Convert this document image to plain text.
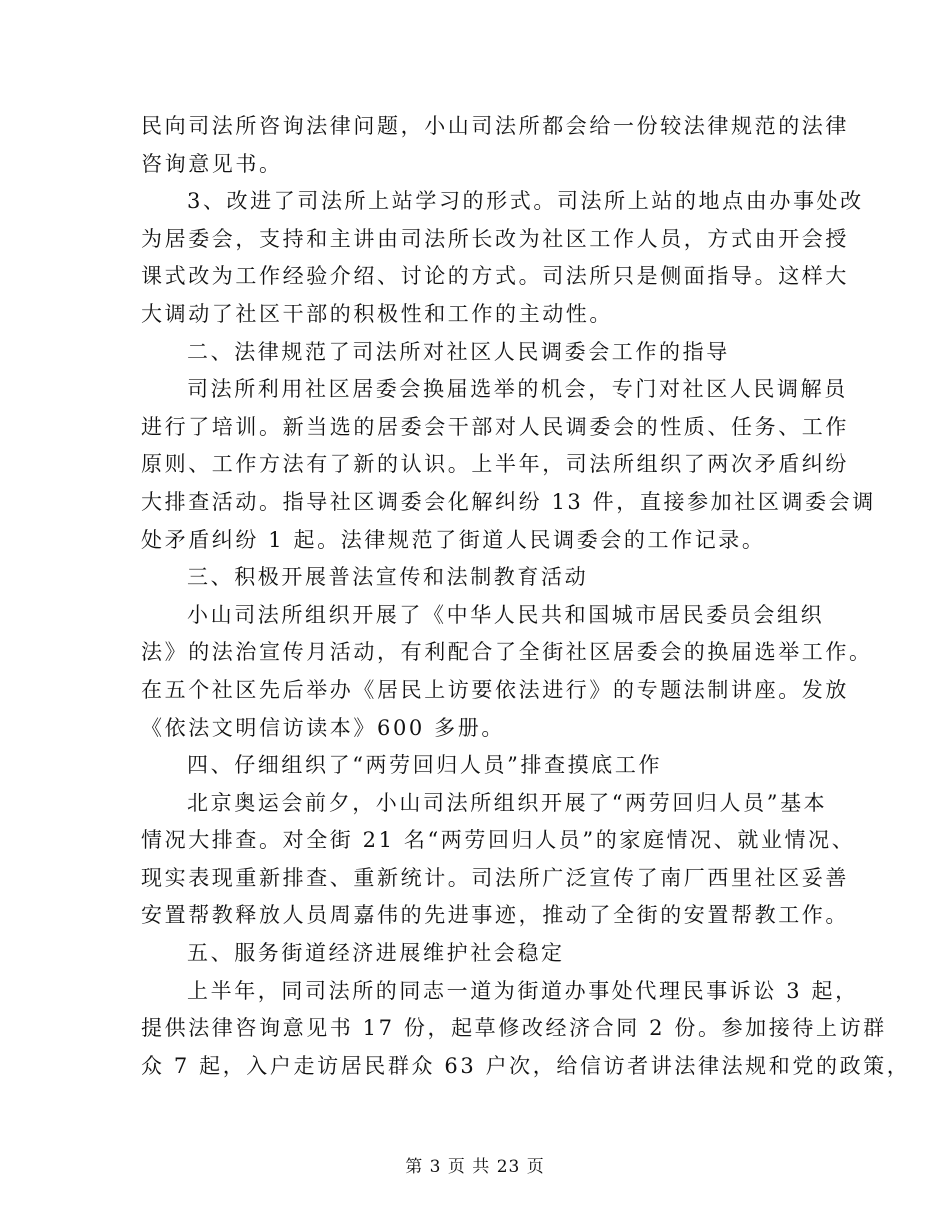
民向司法所咨询法律问题，小山司法所都会给一份较法律规范的法律
咨询意见书。
3、改进了司法所上站学习的形式。司法所上站的地点由办事处改
为居委会，支持和主讲由司法所长改为社区工作人员，方式由开会授
课式改为工作经验介绍、讨论的方式。司法所只是侧面指导。这样大
大调动了社区干部的积极性和工作的主动性。
二、法律规范了司法所对社区人民调委会工作的指导
司法所利用社区居委会换届选举的机会，专门对社区人民调解员
进行了培训。新当选的居委会干部对人民调委会的性质、任务、工作
原则、工作方法有了新的认识。上半年，司法所组织了两次矛盾纠纷
大排查活动。指导社区调委会化解纠纷 13 件，直接参加社区调委会调
处矛盾纠纷 1 起。法律规范了街道人民调委会的工作记录。
三、积极开展普法宣传和法制教育活动
小山司法所组织开展了《中华人民共和国城市居民委员会组织
法》的法治宣传月活动，有利配合了全街社区居委会的换届选举工作。
在五个社区先后举办《居民上访要依法进行》的专题法制讲座。发放
《依法文明信访读本》600 多册。
四、仔细组织了“两劳回归人员”排查摸底工作
北京奥运会前夕，小山司法所组织开展了“两劳回归人员”基本
情况大排查。对全街 21 名“两劳回归人员”的家庭情况、就业情况、
现实表现重新排查、重新统计。司法所广泛宣传了南厂西里社区妥善
安置帮教释放人员周嘉伟的先进事迹，推动了全街的安置帮教工作。
五、服务街道经济进展维护社会稳定
上半年，同司法所的同志一道为街道办事处代理民事诉讼 3 起，
提供法律咨询意见书 17 份，起草修改经济合同 2 份。参加接待上访群
众 7 起，入户走访居民群众 63 户次，给信访者讲法律法规和党的政策，
第 3 页 共 23 页
